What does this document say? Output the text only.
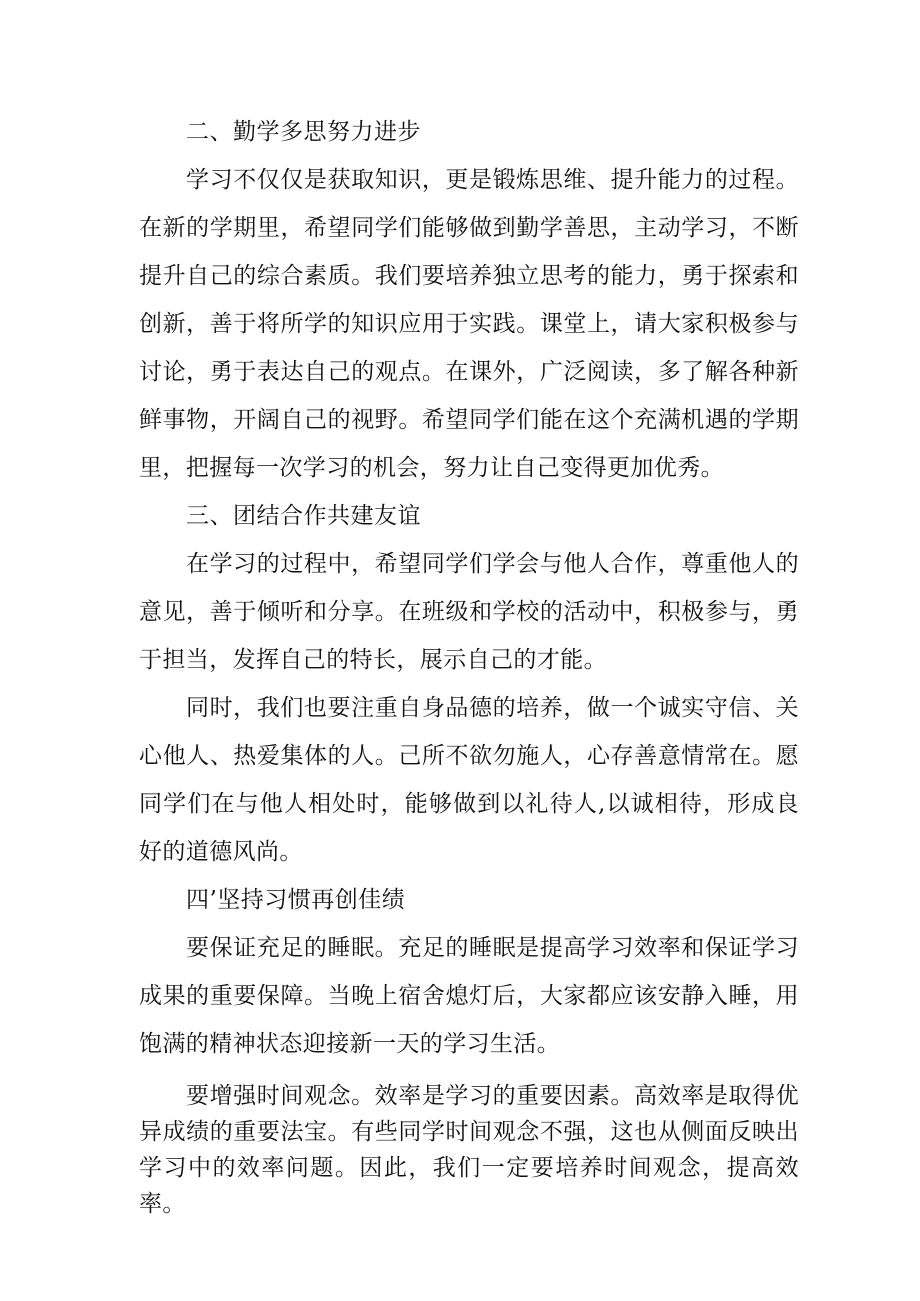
二、勤学多思努力进步

学习不仅仅是获取知识，更是锻炼思维、提升能力的过程。在新的学期里，希望同学们能够做到勤学善思，主动学习，不断提升自己的综合素质。我们要培养独立思考的能力，勇于探索和创新，善于将所学的知识应用于实践。课堂上，请大家积极参与讨论，勇于表达自己的观点。在课外，广泛阅读，多了解各种新鲜事物，开阔自己的视野。希望同学们能在这个充满机遇的学期里，把握每一次学习的机会，努力让自己变得更加优秀。

三、团结合作共建友谊

在学习的过程中，希望同学们学会与他人合作，尊重他人的意见，善于倾听和分享。在班级和学校的活动中，积极参与，勇于担当，发挥自己的特长，展示自己的才能。

同时，我们也要注重自身品德的培养，做一个诚实守信、关心他人、热爱集体的人。己所不欲勿施人，心存善意情常在。愿同学们在与他人相处时，能够做到以礼待人,以诚相待，形成良好的道德风尚。

四’坚持习惯再创佳绩

要保证充足的睡眠。充足的睡眠是提高学习效率和保证学习成果的重要保障。当晚上宿舍熄灯后，大家都应该安静入睡，用饱满的精神状态迎接新一天的学习生活。

要增强时间观念。效率是学习的重要因素。高效率是取得优异成绩的重要法宝。有些同学时间观念不强，这也从侧面反映出学习中的效率问题。因此，我们一定要培养时间观念，提高效率。
